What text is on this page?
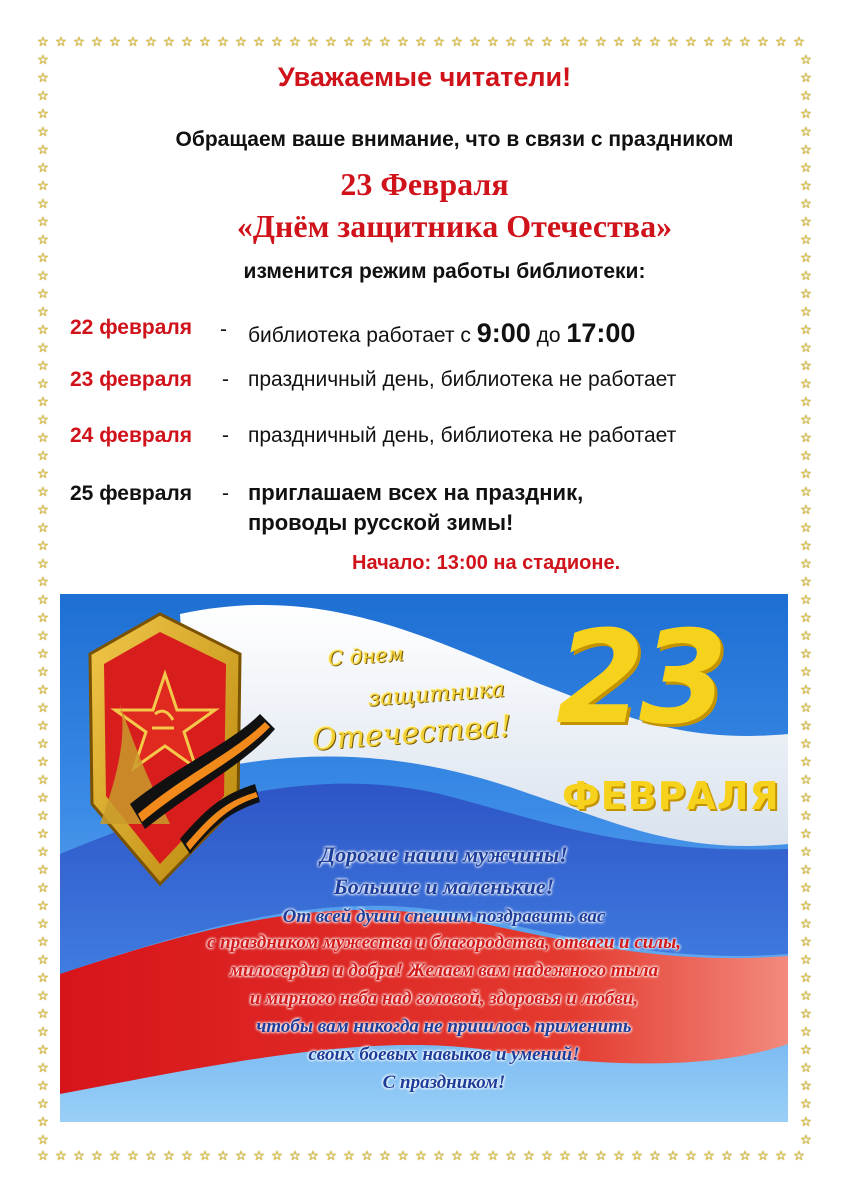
☆
☆
☆
☆
☆
☆
☆
☆
☆
☆
☆
☆
☆
☆
☆
☆
☆
☆
☆
☆
☆
☆
☆
☆
☆
☆
☆
☆
☆
☆
☆
☆
☆
☆
☆
☆
☆
☆
☆
☆
☆
☆
☆
☆
☆
☆
☆
☆
☆
☆
☆
☆
☆
☆
☆
☆
☆
☆
☆
☆
☆
☆
☆
☆
☆
☆
☆
☆
☆
☆
☆
☆
☆
☆
☆
☆
☆
☆
☆
☆
☆
☆
☆
☆
☆
☆
☆	☆
☆	☆
☆	☆
☆	☆
☆	☆
☆	☆
☆	☆
☆	☆
☆	☆
☆	☆
☆	☆
☆	☆
☆	☆
☆	☆
☆	☆
☆	☆
☆	☆
☆	☆
☆	☆
☆	☆
☆	☆
☆	☆
☆	☆
☆	☆
☆	☆
☆	☆
☆	☆
☆	☆
☆	☆
☆	☆
☆	☆
☆	☆
☆	☆
☆	☆
☆	☆
☆	☆
☆	☆
☆	☆
☆	☆
☆	☆
☆	☆
☆	☆
☆	☆
☆	☆
☆	☆
☆	☆
☆	☆
☆	☆
☆	☆
☆	☆
☆	☆
☆	☆
☆	☆
☆	☆
☆	☆
☆	☆
☆	☆
☆	☆
☆	☆
☆	☆
☆	☆
Уважаемые читатели!
Обращаем ваше внимание, что в связи с праздником
23 Февраля
«Днём защитника Отечества»
изменится режим работы библиотеки:
22 февраля - библиотека работает с 9:00 до 17:00
23 февраля - праздничный день, библиотека не работает
24 февраля - праздничный день, библиотека не работает
25 февраля - приглашаем всех на праздник,
проводы русской зимы!
Начало: 13:00 на стадионе.
С днем
защитника
Отечества! 23
ФЕВРАЛЯ
Дорогие наши мужчины!
Большие и маленькие!
От всей души спешим поздравить вас
с праздником мужества и благородства, отваги и силы,
милосердия и добра! Желаем вам надежного тыла
и мирного неба над головой, здоровья и любви,
чтобы вам никогда не пришлось применить
своих боевых навыков и умений!
С праздником!
